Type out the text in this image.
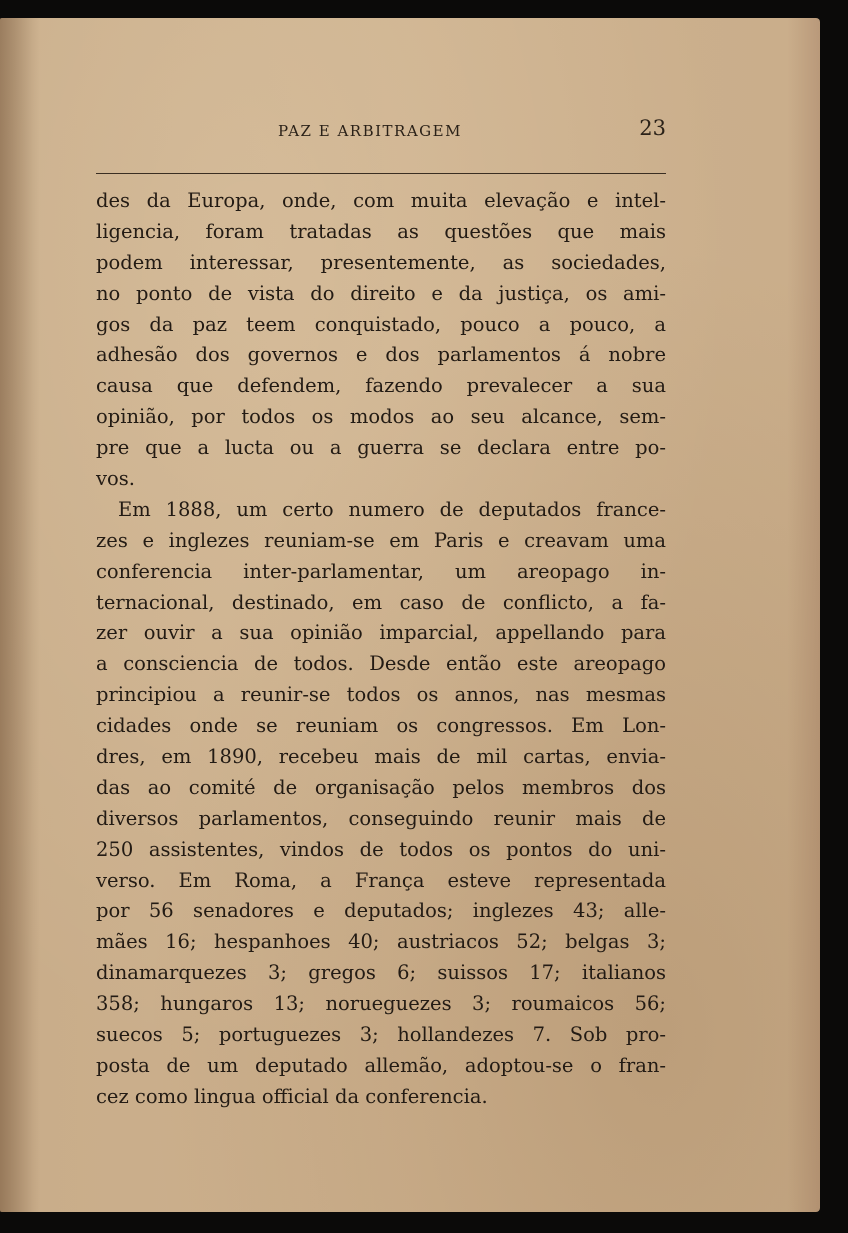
PAZ E ARBITRAGEM	23
des da Europa, onde, com muita elevação e intel-
ligencia, foram tratadas as questões que mais
podem interessar, presentemente, as sociedades,
no ponto de vista do direito e da justiça, os ami-
gos da paz teem conquistado, pouco a pouco, a
adhesão dos governos e dos parlamentos á nobre
causa que defendem, fazendo prevalecer a sua
opinião, por todos os modos ao seu alcance, sem-
pre que a lucta ou a guerra se declara entre po-
vos.
Em 1888, um certo numero de deputados france-
zes e inglezes reuniam-se em Paris e creavam uma
conferencia inter-parlamentar, um areopago in-
ternacional, destinado, em caso de conflicto, a fa-
zer ouvir a sua opinião imparcial, appellando para
a consciencia de todos. Desde então este areopago
principiou a reunir-se todos os annos, nas mesmas
cidades onde se reuniam os congressos. Em Lon-
dres, em 1890, recebeu mais de mil cartas, envia-
das ao comité de organisação pelos membros dos
diversos parlamentos, conseguindo reunir mais de
250 assistentes, vindos de todos os pontos do uni-
verso. Em Roma, a França esteve representada
por 56 senadores e deputados; inglezes 43; alle-
mães 16; hespanhoes 40; austriacos 52; belgas 3;
dinamarquezes 3; gregos 6; suissos 17; italianos
358; hungaros 13; norueguezes 3; roumaicos 56;
suecos 5; portuguezes 3; hollandezes 7. Sob pro-
posta de um deputado allemão, adoptou-se o fran-
cez como lingua official da conferencia.
